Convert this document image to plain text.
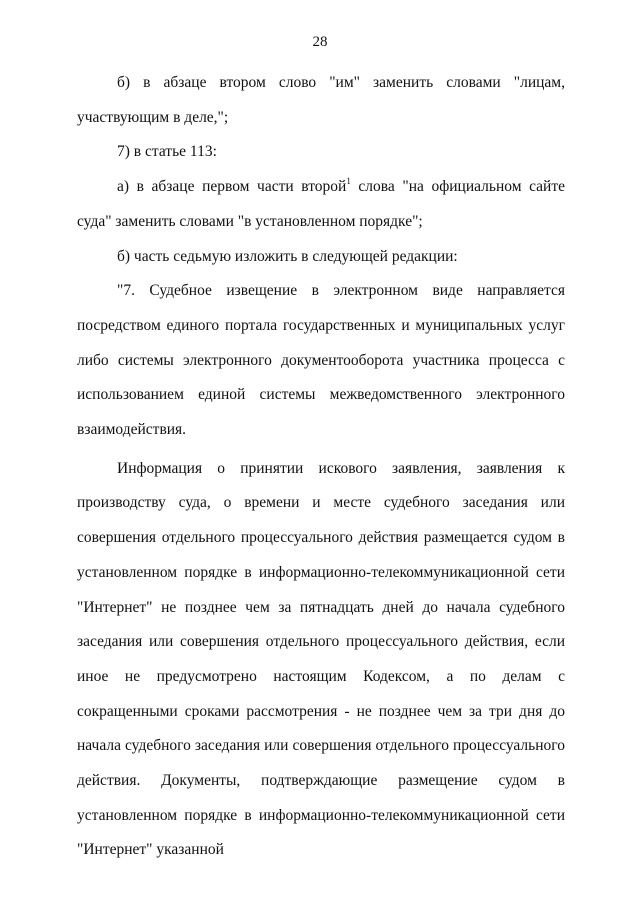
28

б) в абзаце втором слово "им" заменить словами "лицам, участвующим в деле,";

7) в статье 113:

а) в абзаце первом части второй$^1$ слова "на официальном сайте суда" заменить словами "в установленном порядке";

б) часть седьмую изложить в следующей редакции:

"7. Судебное извещение в электронном виде направляется посредством единого портала государственных и муниципальных услуг либо системы электронного документооборота участника процесса с использованием единой системы межведомственного электронного взаимодействия.

Информация о принятии искового заявления, заявления к производству суда, о времени и месте судебного заседания или совершения отдельного процессуального действия размещается судом в установленном порядке в информационно-телекоммуникационной сети "Интернет" не позднее чем за пятнадцать дней до начала судебного заседания или совершения отдельного процессуального действия, если иное не предусмотрено настоящим Кодексом, а по делам с сокращенными сроками рассмотрения - не позднее чем за три дня до начала судебного заседания или совершения отдельного процессуального действия. Документы, подтверждающие размещение судом в установленном порядке в информационно-телекоммуникационной сети "Интернет" указанной
